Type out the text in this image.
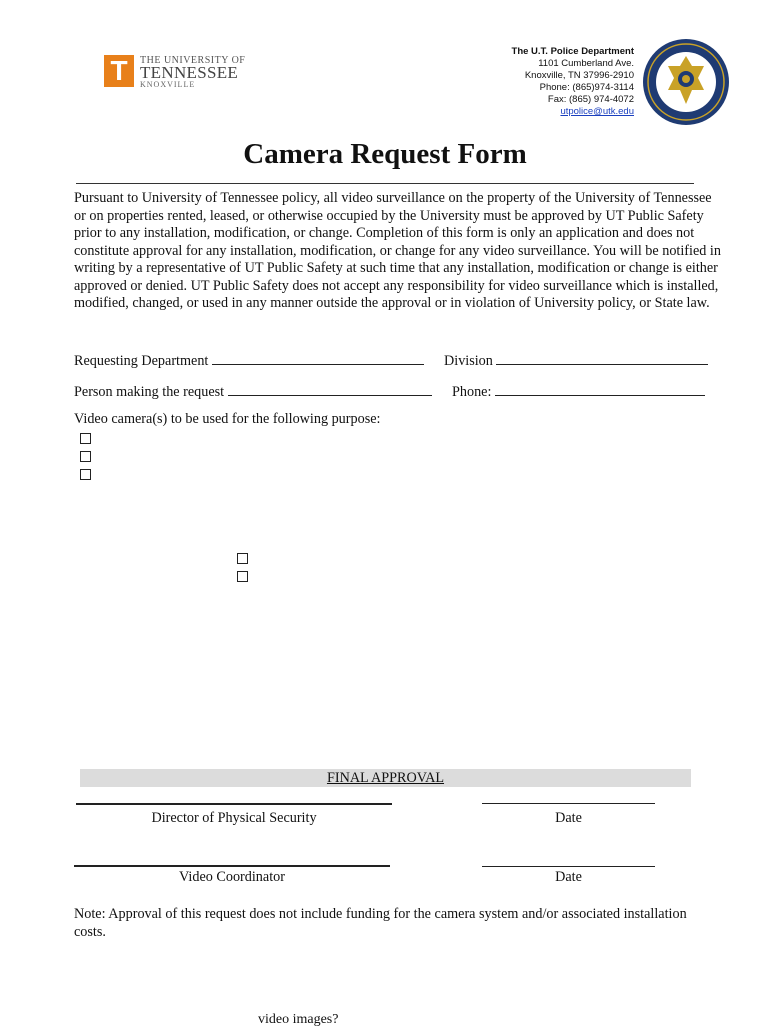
T	THE UNIVERSITY OF
TENNESSEE
KNOXVILLE
The U.T. Police Department
1101 Cumberland Ave.
Knoxville, TN 37996-2910
Phone: (865)974-3114
Fax: (865) 974-4072
utpolice@utk.edu
Camera Request Form

Pursuant to University of Tennessee policy, all video surveillance on the property of the University of Tennessee or on properties rented, leased, or otherwise occupied by the University must be approved by UT Public Safety prior to any installation, modification, or change. Completion of this form is only an application and does not constitute approval for any installation, modification, or change for any video surveillance. You will be notified in writing by a representative of UT Public Safety at such time that any installation, modification or change is either approved or denied. UT Public Safety does not accept any responsibility for video surveillance which is installed, modified, changed, or used in any manner outside the approval or in violation of University policy, or State law.

Requesting Department	Division
Person making the request	Phone:
Video camera(s) to be used for the following purpose:
FINAL APPROVAL
Director of Physical Security	Date
Video Coordinator	Date

Note: Approval of this request does not include funding for the camera system and/or associated installation costs.

video images?
